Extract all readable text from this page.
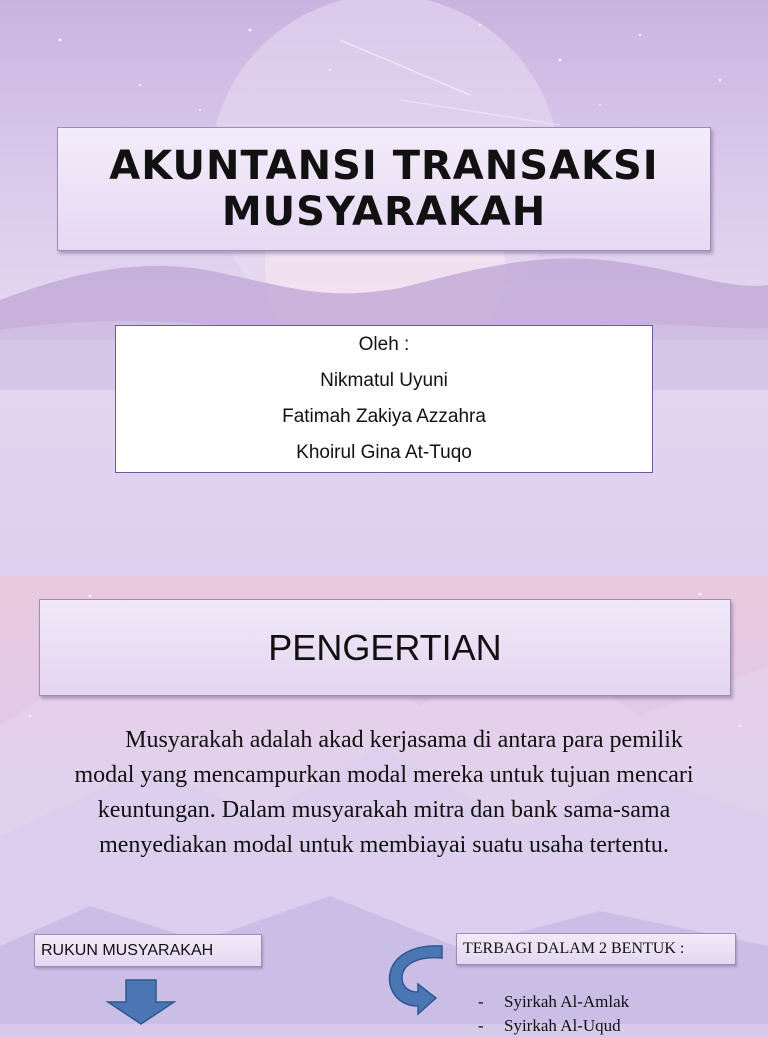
AKUNTANSI TRANSAKSI
MUSYARAKAH
Oleh :
Nikmatul Uyuni
Fatimah Zakiya Azzahra
Khoirul Gina At-Tuqo
PENGERTIAN
Musyarakah adalah akad kerjasama di antara para pemilik modal yang mencampurkan modal mereka untuk tujuan mencari keuntungan. Dalam musyarakah mitra dan bank sama-sama menyediakan modal untuk membiayai suatu usaha tertentu.
RUKUN MUSYARAKAH	TERBAGI DALAM 2 BENTUK :
- Syirkah Al-Amlak
- Syirkah Al-Uqud
